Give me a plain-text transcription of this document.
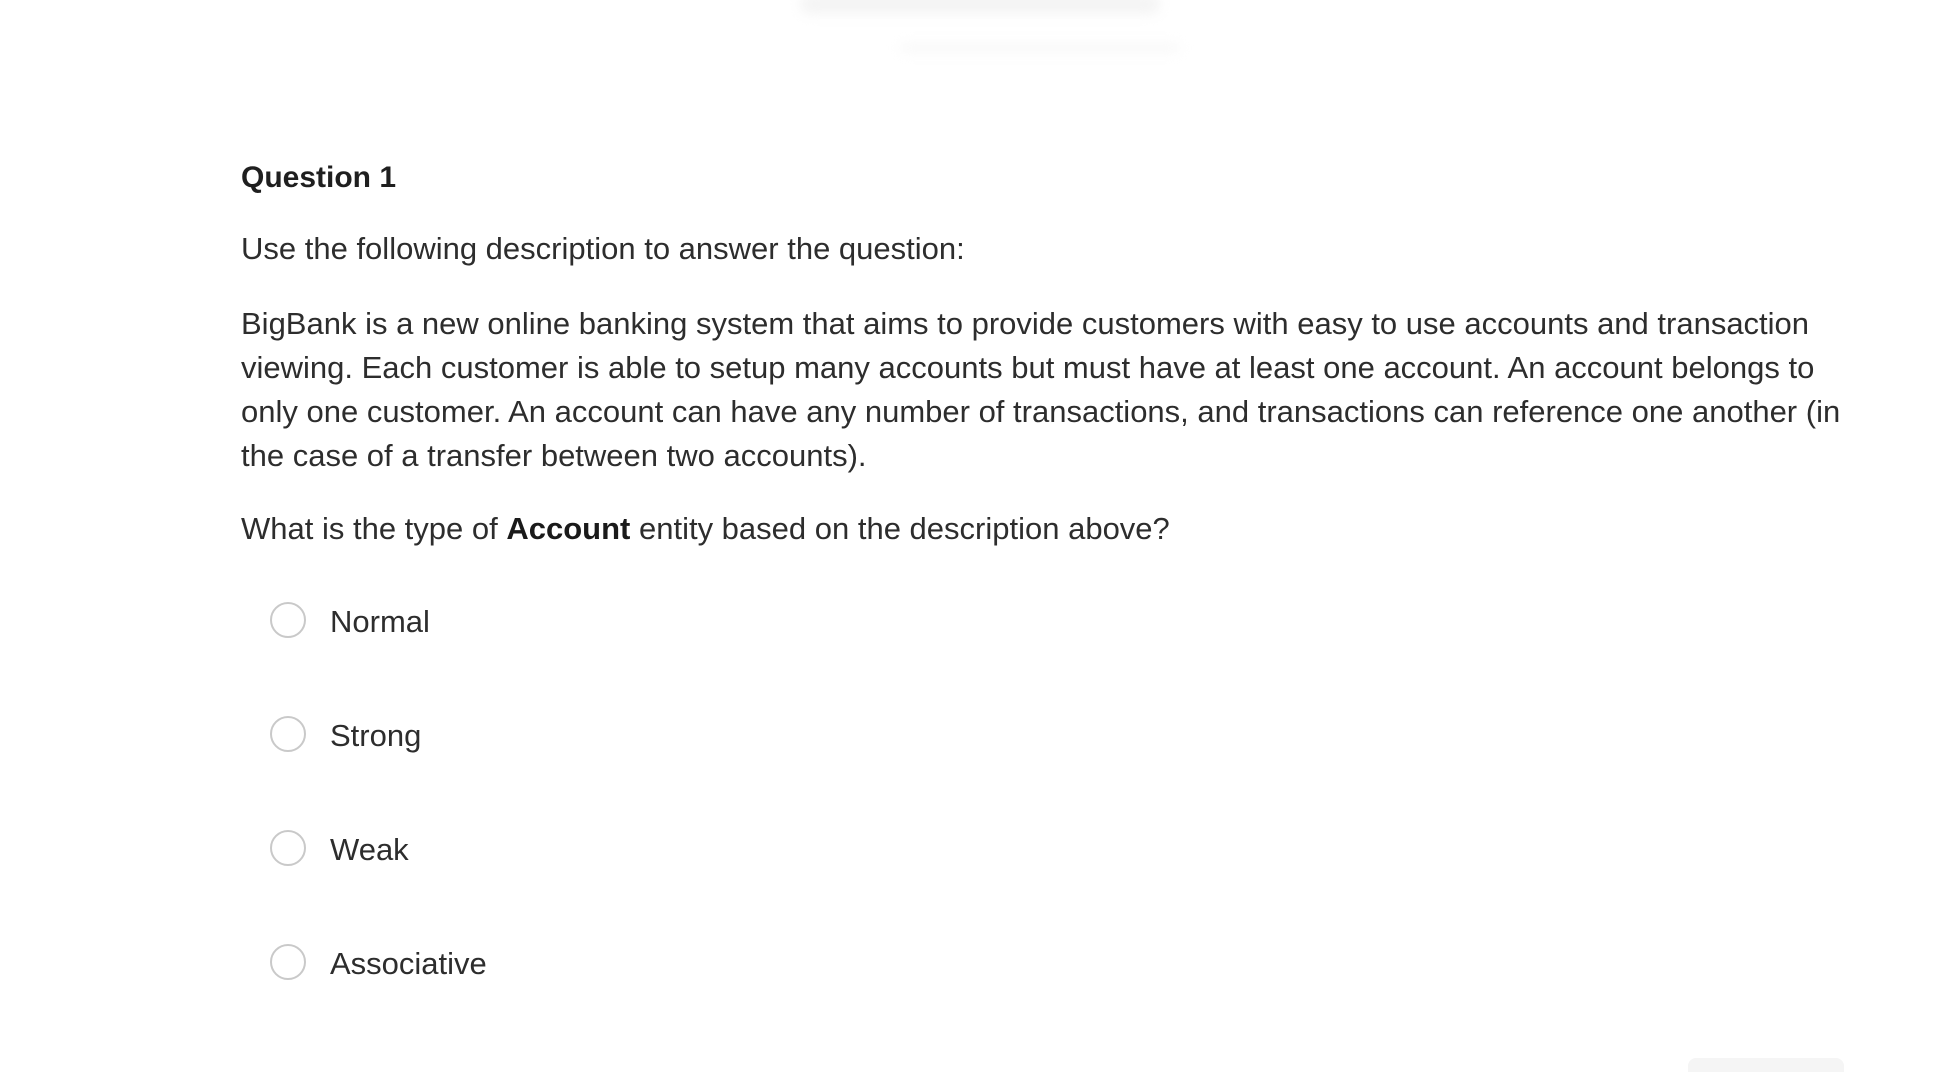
Question 1
Use the following description to answer the question:
BigBank is a new online banking system that aims to provide customers with easy to use accounts and transaction viewing. Each customer is able to setup many accounts but must have at least one account. An account belongs to only one customer. An account can have any number of transactions, and transactions can reference one another (in the case of a transfer between two accounts).
What is the type of Account entity based on the description above?
Normal
Strong
Weak
Associative
